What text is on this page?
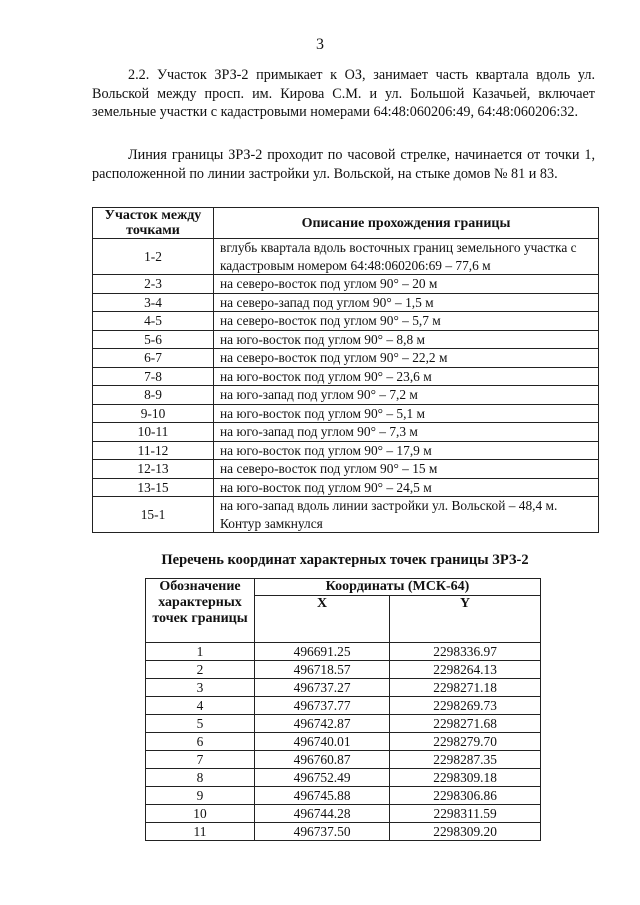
3

2.2. Участок ЗРЗ-2 примыкает к ОЗ, занимает часть квартала вдоль ул. Вольской между просп. им. Кирова С.М. и ул. Большой Казачьей, включает земельные участки с кадастровыми номерами 64:48:060206:49, 64:48:060206:32.

Линия границы ЗРЗ-2 проходит по часовой стрелке, начинается от точки 1, расположенной по линии застройки ул. Вольской, на стыке домов № 81 и 83.

Участок между точками	Описание прохождения границы
1-2	вглубь квартала вдоль восточных границ земельного участка с кадастровым номером 64:48:060206:69 – 77,6 м
2-3	на северо-восток под углом 90° – 20 м
3-4	на северо-запад под углом 90° – 1,5 м
4-5	на северо-восток под углом 90° – 5,7 м
5-6	на юго-восток под углом 90° – 8,8 м
6-7	на северо-восток под углом 90° – 22,2 м
7-8	на юго-восток под углом 90° – 23,6 м
8-9	на юго-запад под углом 90° – 7,2 м
9-10	на юго-восток под углом 90° – 5,1 м
10-11	на юго-запад под углом 90° – 7,3 м
11-12	на юго-восток под углом 90° – 17,9 м
12-13	на северо-восток под углом 90° – 15 м
13-15	на юго-восток под углом 90° – 24,5 м
15-1	на юго-запад вдоль линии застройки ул. Вольской – 48,4 м. Контур замкнулся
Перечень координат характерных точек границы ЗРЗ-2
Обозначение характерных точек границы	Координаты (МСК-64)	
	X	Y
1	496691.25	2298336.97
2	496718.57	2298264.13
3	496737.27	2298271.18
4	496737.77	2298269.73
5	496742.87	2298271.68
6	496740.01	2298279.70
7	496760.87	2298287.35
8	496752.49	2298309.18
9	496745.88	2298306.86
10	496744.28	2298311.59
11	496737.50	2298309.20
